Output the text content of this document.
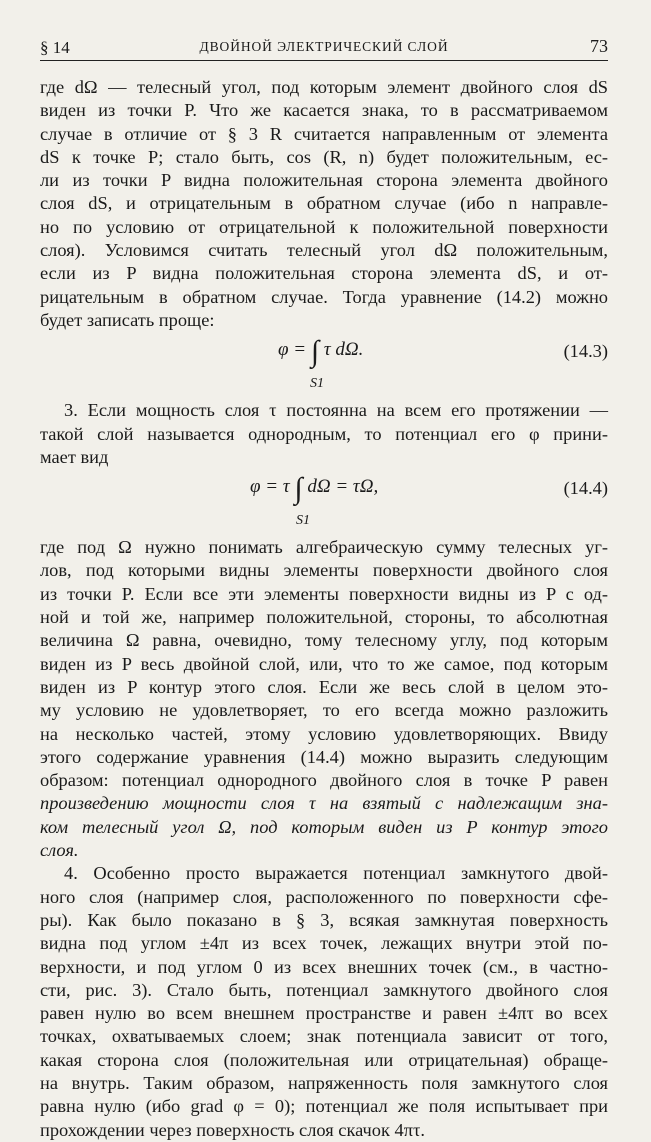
§ 14	ДВОЙНОЙ ЭЛЕКТРИЧЕСКИЙ СЛОЙ	73
где dΩ — телесный угол, под которым элемент двойного слоя dS
виден из точки P. Что же касается знака, то в рассматриваемом
случае в отличие от § 3 R считается направленным от элемента
dS к точке P; стало быть, cos (R, n) будет положительным, ес-
ли из точки P видна положительная сторона элемента двойного
слоя dS, и отрицательным в обратном случае (ибо n направле-
но по условию от отрицательной к положительной поверхности
слоя). Условимся считать телесный угол dΩ положительным,
если из P видна положительная сторона элемента dS, и от-
рицательным в обратном случае. Тогда уравнение (14.2) можно
будет записать проще:
φ = ∫ τ dΩ.
S1
(14.3)
3. Если мощность слоя τ постоянна на всем его протяжении —
такой слой называется однородным, то потенциал его φ прини-
мает вид
φ = τ ∫ dΩ = τΩ,
S1
(14.4)
где под Ω нужно понимать алгебраическую сумму телесных уг-
лов, под которыми видны элементы поверхности двойного слоя
из точки P. Если все эти элементы поверхности видны из P с од-
ной и той же, например положительной, стороны, то абсолютная
величина Ω равна, очевидно, тому телесному углу, под которым
виден из P весь двойной слой, или, что то же самое, под которым
виден из P контур этого слоя. Если же весь слой в целом это-
му условию не удовлетворяет, то его всегда можно разложить
на несколько частей, этому условию удовлетворяющих. Ввиду
этого содержание уравнения (14.4) можно выразить следующим
образом: потенциал однородного двойного слоя в точке P равен
произведению мощности слоя τ на взятый с надлежащим зна-
ком телесный угол Ω, под которым виден из P контур этого
слоя.
4. Особенно просто выражается потенциал замкнутого двой-
ного слоя (например слоя, расположенного по поверхности сфе-
ры). Как было показано в § 3, всякая замкнутая поверхность
видна под углом ±4π из всех точек, лежащих внутри этой по-
верхности, и под углом 0 из всех внешних точек (см., в частно-
сти, рис. 3). Стало быть, потенциал замкнутого двойного слоя
равен нулю во всем внешнем пространстве и равен ±4πτ во всех
точках, охватываемых слоем; знак потенциала зависит от того,
какая сторона слоя (положительная или отрицательная) обраще-
на внутрь. Таким образом, напряженность поля замкнутого слоя
равна нулю (ибо grad φ = 0); потенциал же поля испытывает при
прохождении через поверхность слоя скачок 4πτ.
